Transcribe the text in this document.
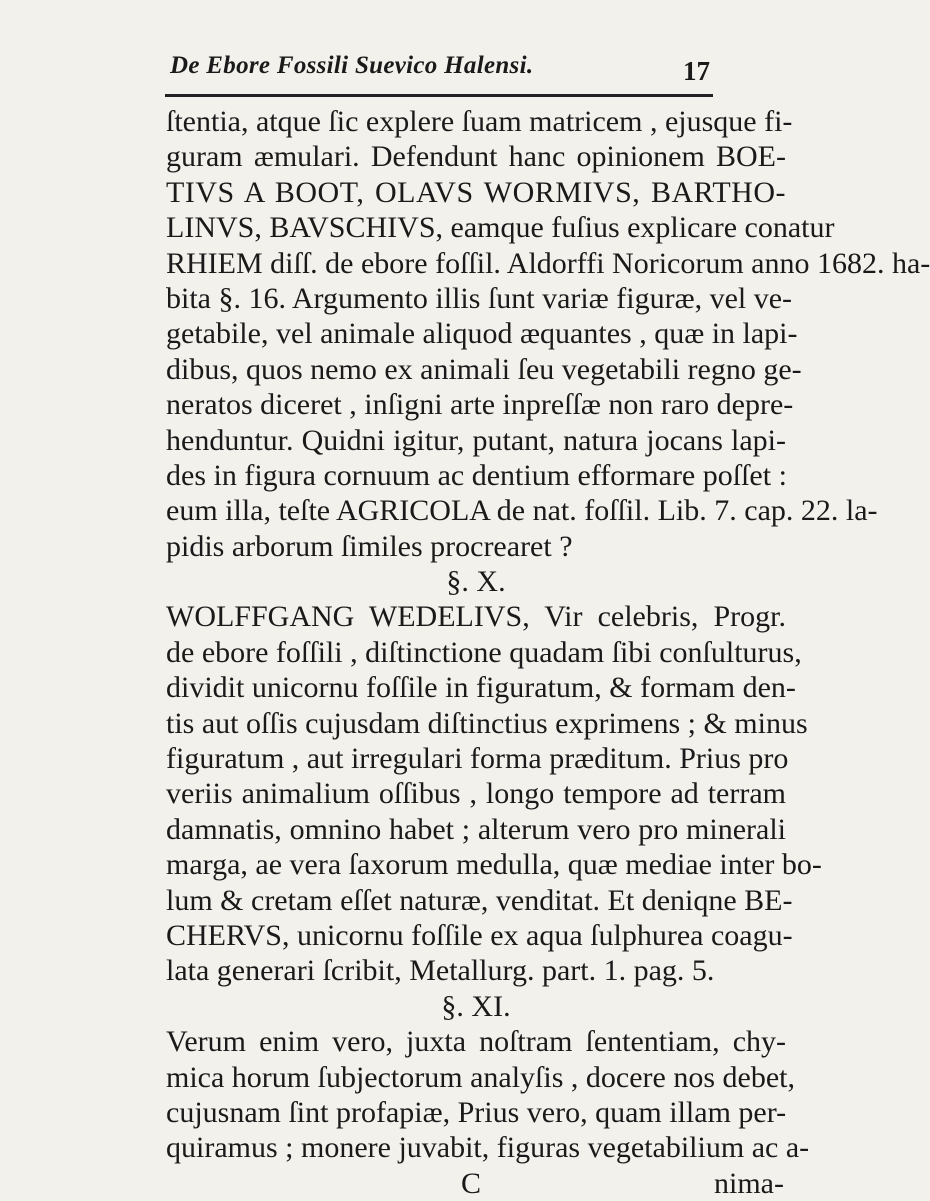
De Ebore Fossili Suevico Halensi.	17
ſtentia, atque ſic explere ſuam matricem , ejusque fi-
guram æmulari. Defendunt hanc opinionem BOE-
TIVS A BOOT, OLAVS WORMIVS, BARTHO-
LINVS, BAVSCHIVS, eamque fuſius explicare conatur
RHIEM diſſ. de ebore foſſil. Aldorffi Noricorum anno 1682. ha-
bita §. 16. Argumento illis ſunt variæ figuræ, vel ve-
getabile, vel animale aliquod æquantes , quæ in lapi-
dibus, quos nemo ex animali ſeu vegetabili regno ge-
neratos diceret , inſigni arte inpreſſæ non raro depre-
henduntur. Quidni igitur, putant, natura jocans lapi-
des in figura cornuum ac dentium efformare poſſet :
eum illa, teſte AGRICOLA de nat. foſſil. Lib. 7. cap. 22. la-
pidis arborum ſimiles procrearet ?
§. X.
WOLFFGANG WEDELIVS, Vir celebris, Progr.
de ebore foſſili , diſtinctione quadam ſibi conſulturus,
dividit unicornu foſſile in figuratum, & formam den-
tis aut oſſis cujusdam diſtinctius exprimens ; & minus
figuratum , aut irregulari forma præditum. Prius pro
veriis animalium oſſibus , longo tempore ad terram
damnatis, omnino habet ; alterum vero pro minerali
marga, ae vera ſaxorum medulla, quæ mediae inter bo-
lum & cretam eſſet naturæ, venditat. Et deniqne BE-
CHERVS, unicornu foſſile ex aqua ſulphurea coagu-
lata generari ſcribit, Metallurg. part. 1. pag. 5.
§. XI.
Verum enim vero, juxta noſtram ſententiam, chy-
mica horum ſubjectorum analyſis , docere nos debet,
cujusnam ſint profapiæ, Prius vero, quam illam per-
quiramus ; monere juvabit, figuras vegetabilium ac a-
C	nima-
